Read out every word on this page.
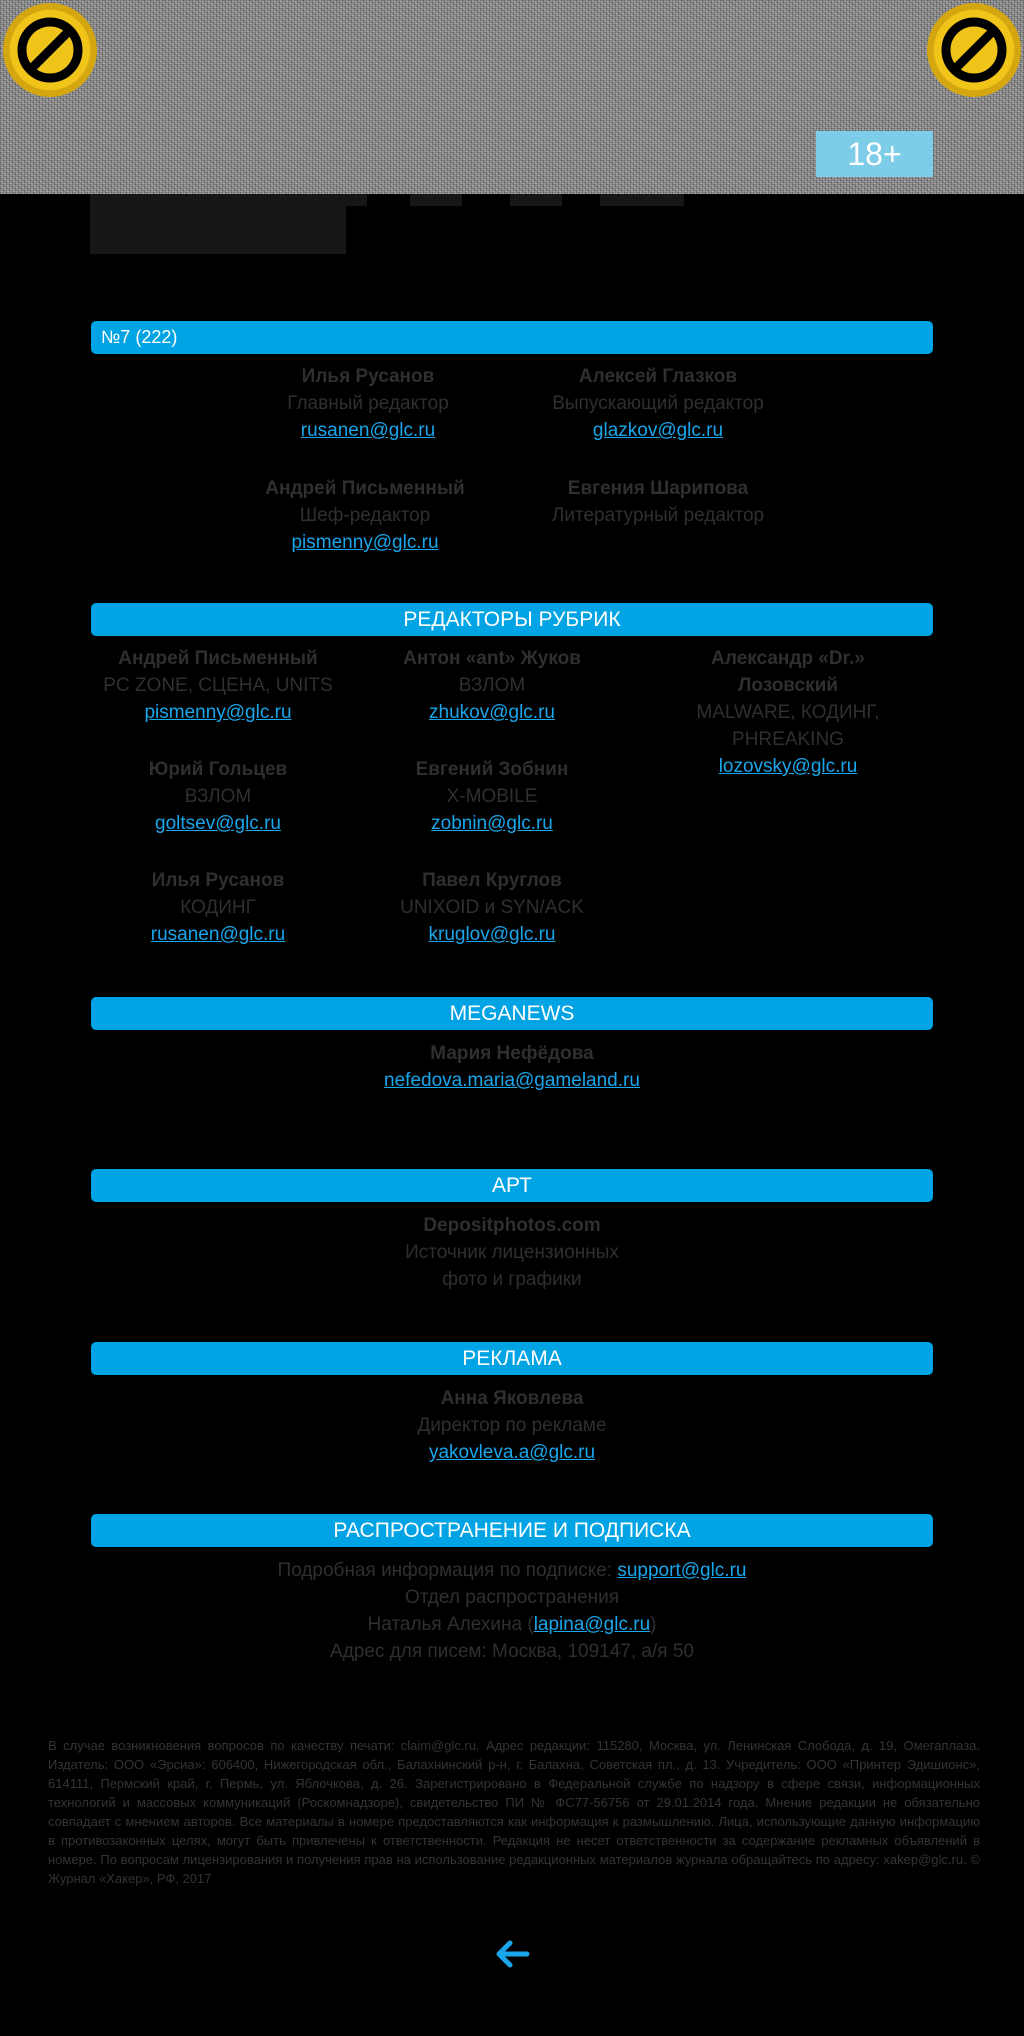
18+
№7 (222)
Илья Русанов
Главный редактор
rusanen@glc.ru
Алексей Глазков
Выпускающий редактор
glazkov@glc.ru
Андрей Письменный
Шеф-редактор
pismenny@glc.ru
Евгения Шарипова
Литературный редактор
РЕДАКТОРЫ РУБРИК
Андрей Письменный
PC ZONE, СЦЕНА, UNITS
pismenny@glc.ru
Антон «ant» Жуков
ВЗЛОМ
zhukov@glc.ru
Александр «Dr.»
Лозовский
MALWARE, КОДИНГ,
PHREAKING
lozovsky@glc.ru
Юрий Гольцев
ВЗЛОМ
goltsev@glc.ru
Евгений Зобнин
X-MOBILE
zobnin@glc.ru
Илья Русанов
КОДИНГ
rusanen@glc.ru
Павел Круглов
UNIXOID и SYN/ACK
kruglov@glc.ru
MEGANEWS
Мария Нефёдова
nefedova.maria@gameland.ru
АРТ
Depositphotos.com
Источник лицензионных
фото и графики
РЕКЛАМА
Анна Яковлева
Директор по рекламе
yakovleva.a@glc.ru
РАСПРОСТРАНЕНИЕ И ПОДПИСКА
Подробная информация по подписке: support@glc.ru
Отдел распространения
Наталья Алехина (lapina@glc.ru)
Адрес для писем: Москва, 109147, а/я 50
В случае возникновения вопросов по качеству печати: claim@glc.ru. Адрес редакции: 115280, Москва, ул. Ленинская Слобода, д. 19, Омегаплаза. Издатель: ООО «Эрсиа»: 606400, Нижегородская обл., Балахнинский р-н, г. Балахна, Советская пл., д. 13. Учредитель: ООО «Принтер Эдишионс», 614111, Пермский край, г. Пермь, ул. Яблочкова, д. 26. Зарегистрировано в Федеральной службе по надзору в сфере связи, информационных технологий и массовых коммуникаций (Роскомнадзоре), свидетельство ПИ № ФС77-56756 от 29.01.2014 года. Мнение редакции не обязательно совпадает с мнением авторов. Все материалы в номере предоставляются как информация к размышлению. Лица, использующие данную информацию в противозаконных целях, могут быть привлечены к ответственности. Редакция не несет ответственности за содержание рекламных объявлений в номере. По вопросам лицензирования и получения прав на использование редакционных материалов журнала обращайтесь по адресу: xakep@glc.ru. © Журнал «Хакер», РФ, 2017
